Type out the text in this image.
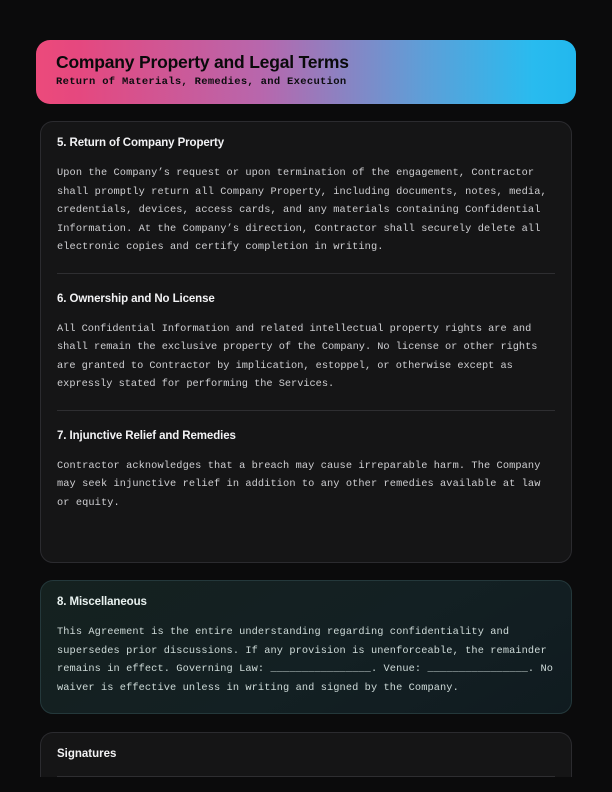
Company Property and Legal Terms
Return of Materials, Remedies, and Execution
5. Return of Company Property
Upon the Company’s request or upon termination of the engagement, Contractor shall promptly return all Company Property, including documents, notes, media, credentials, devices, access cards, and any materials containing Confidential Information. At the Company’s direction, Contractor shall securely delete all electronic copies and certify completion in writing.
6. Ownership and No License
All Confidential Information and related intellectual property rights are and shall remain the exclusive property of the Company. No license or other rights are granted to Contractor by implication, estoppel, or otherwise except as expressly stated for performing the Services.
7. Injunctive Relief and Remedies
Contractor acknowledges that a breach may cause irreparable harm. The Company may seek injunctive relief in addition to any other remedies available at law or equity.
8. Miscellaneous
This Agreement is the entire understanding regarding confidentiality and supersedes prior discussions. If any provision is unenforceable, the remainder remains in effect. Governing Law: ________________. Venue: ________________. No waiver is effective unless in writing and signed by the Company.
Signatures
